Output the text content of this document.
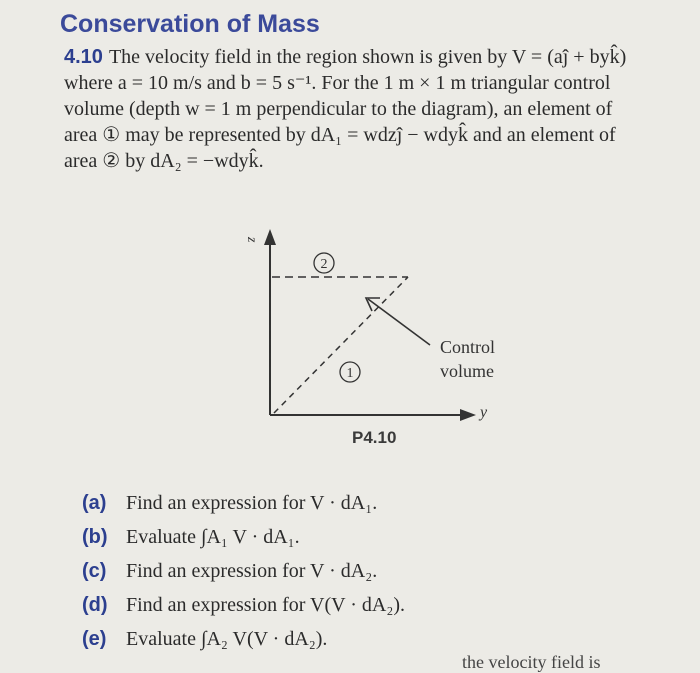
Conservation of Mass
4.10 The velocity field in the region shown is given by V = (aĵ + byk̂)
where a = 10 m/s and b = 5 s⁻¹. For the 1 m × 1 m triangular control
volume (depth w = 1 m perpendicular to the diagram), an element of
area ① may be represented by dA₁ = wdzĵ − wdyk̂ and an element of
area ② by dA₂ = −wdyk̂.
z
y
2
1
Control
volume
P4.10
(a) Find an expression for V · dA₁.
(b) Evaluate ∫A₁ V · dA₁.
(c) Find an expression for V · dA₂.
(d) Find an expression for V(V · dA₂).
(e) Evaluate ∫A₂ V(V · dA₂).
the velocity field is
